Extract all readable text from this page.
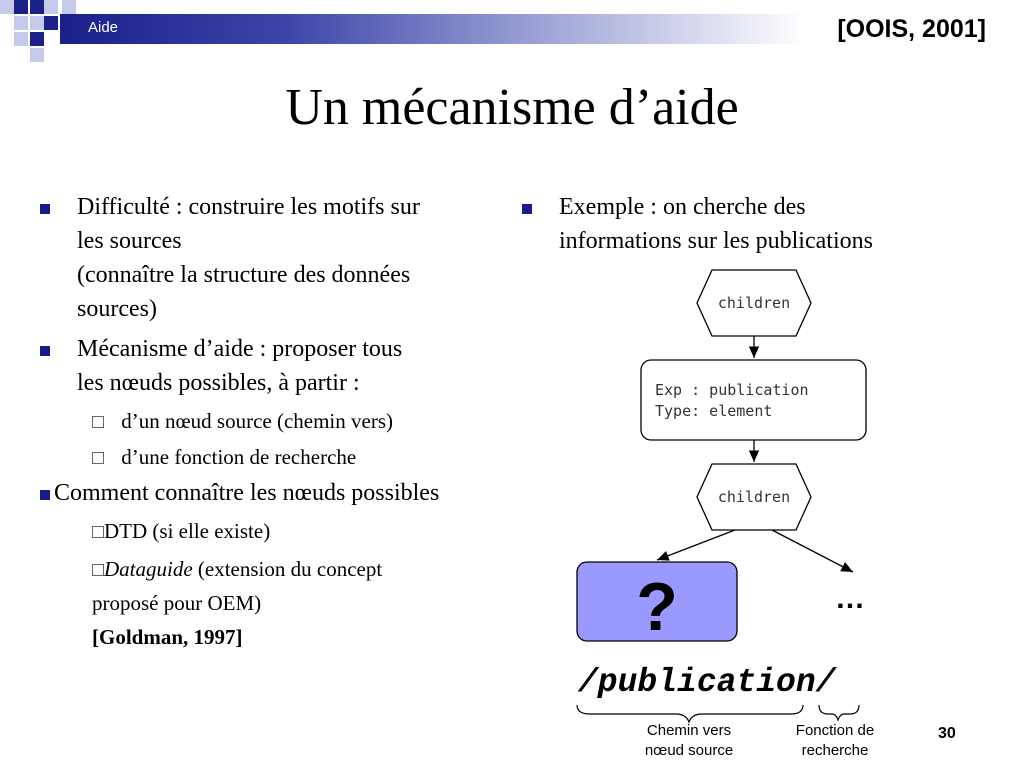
Aide	[OOIS, 2001]
Un mécanisme d’aide
Difficulté : construire les motifs sur
les sources
(connaître la structure des données
sources)
Mécanisme d’aide : proposer tous
les nœuds possibles, à partir :
d’un nœud source (chemin vers)
d’une fonction de recherche
Comment connaître les nœuds possibles
DTD (si elle existe)
Dataguide (extension du concept
proposé pour OEM)
[Goldman, 1997]
Exemple : on cherche des
informations sur les publications
children
Exp : publication
Type: element
children
?	…
/publication/
Chemin vers
nœud source
Fonction de
recherche
30
